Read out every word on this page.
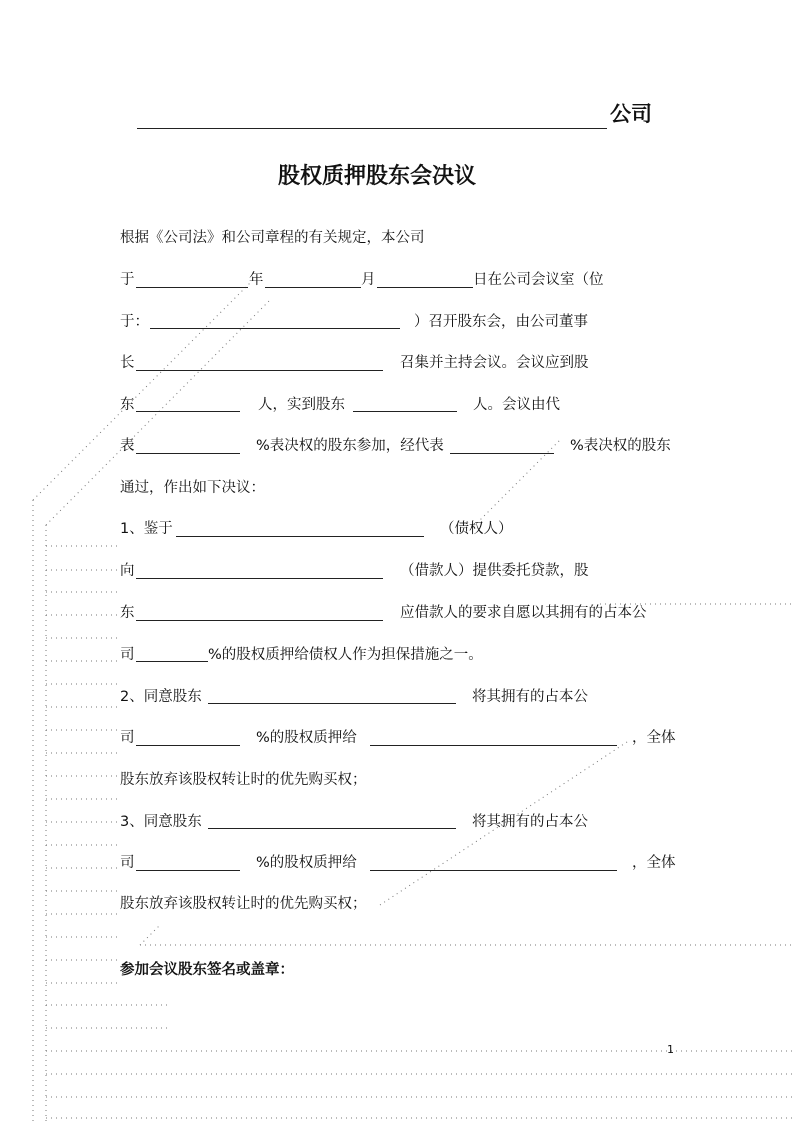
公司
股权质押股东会决议
根据《公司法》和公司章程的有关规定，本公司
于	年	月	日在公司会议室（位
于：	）召开股东会，由公司董事
长	召集并主持会议。会议应到股
东	人，实到股东	人。会议由代
表	%表决权的股东参加，经代表	%表决权的股东
通过，作出如下决议：
1、鉴于	（债权人）
向	（借款人）提供委托贷款，股
东	应借款人的要求自愿以其拥有的占本公
司	%的股权质押给债权人作为担保措施之一。
2、同意股东	将其拥有的占本公
司	%的股权质押给	，全体
股东放弃该股权转让时的优先购买权；
3、同意股东	将其拥有的占本公
司	%的股权质押给	，全体
股东放弃该股权转让时的优先购买权；
参加会议股东签名或盖章：
1
